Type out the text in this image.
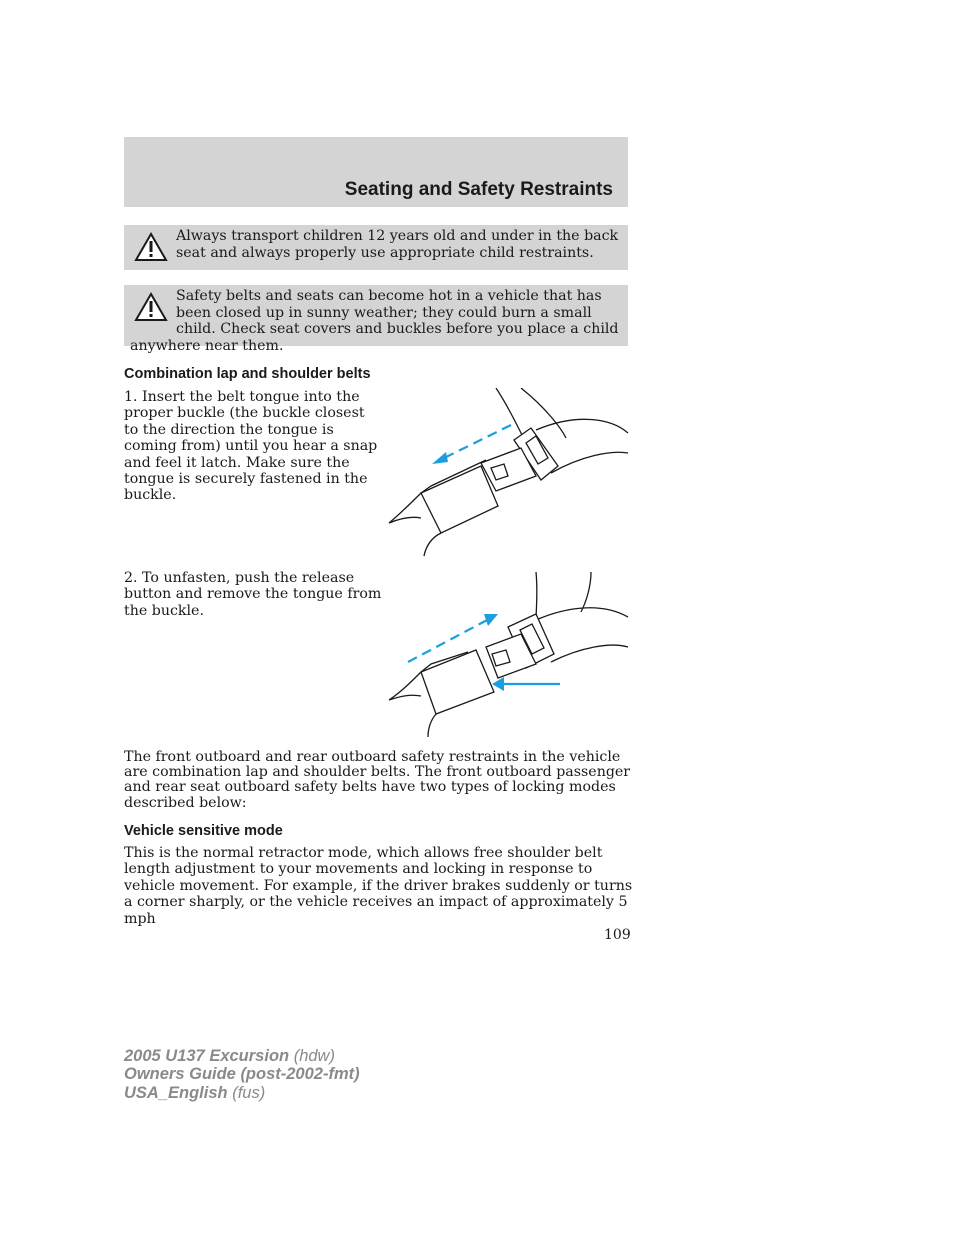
Seating and Safety Restraints
Always transport children 12 years old and under in the back seat and always properly use appropriate child restraints.
Safety belts and seats can become hot in a vehicle that has been closed up in sunny weather; they could burn a small child. Check seat covers and buckles before you place a child anywhere near them.
Combination lap and shoulder belts

1. Insert the belt tongue into the proper buckle (the buckle closest to the direction the tongue is coming from) until you hear a snap and feel it latch. Make sure the tongue is securely fastened in the buckle.

2. To unfasten, push the release button and remove the tongue from the buckle.

The front outboard and rear outboard safety restraints in the vehicle are combination lap and shoulder belts. The front outboard passenger and rear seat outboard safety belts have two types of locking modes described below:

Vehicle sensitive mode

This is the normal retractor mode, which allows free shoulder belt length adjustment to your movements and locking in response to vehicle movement. For example, if the driver brakes suddenly or turns a corner sharply, or the vehicle receives an impact of approximately 5 mph

109
2005 U137 Excursion (hdw)
Owners Guide (post-2002-fmt)
USA_English (fus)
